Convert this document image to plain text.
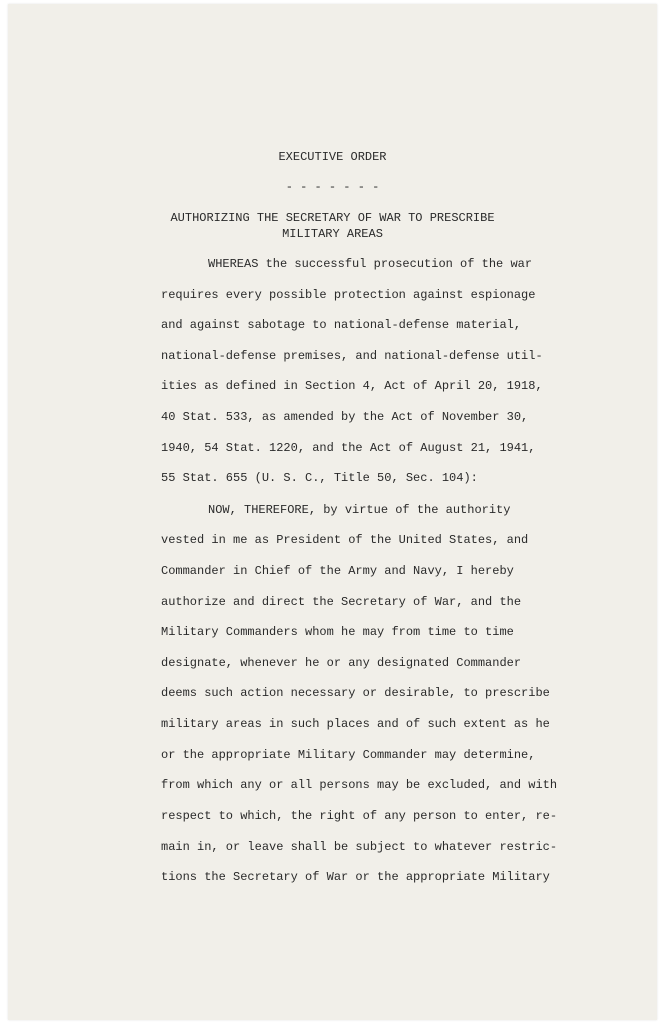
EXECUTIVE ORDER

- - - - - - -

AUTHORIZING THE SECRETARY OF WAR TO PRESCRIBE

MILITARY AREAS

WHEREAS the successful prosecution of the war

requires every possible protection against espionage

and against sabotage to national-defense material,

national-defense premises, and national-defense util-

ities as defined in Section 4, Act of April 20, 1918,

40 Stat. 533, as amended by the Act of November 30,

1940, 54 Stat. 1220, and the Act of August 21, 1941,

55 Stat. 655 (U. S. C., Title 50, Sec. 104):

NOW, THEREFORE, by virtue of the authority

vested in me as President of the United States, and

Commander in Chief of the Army and Navy, I hereby

authorize and direct the Secretary of War, and the

Military Commanders whom he may from time to time

designate, whenever he or any designated Commander

deems such action necessary or desirable, to prescribe

military areas in such places and of such extent as he

or the appropriate Military Commander may determine,

from which any or all persons may be excluded, and with

respect to which, the right of any person to enter, re-

main in, or leave shall be subject to whatever restric-

tions the Secretary of War or the appropriate Military
